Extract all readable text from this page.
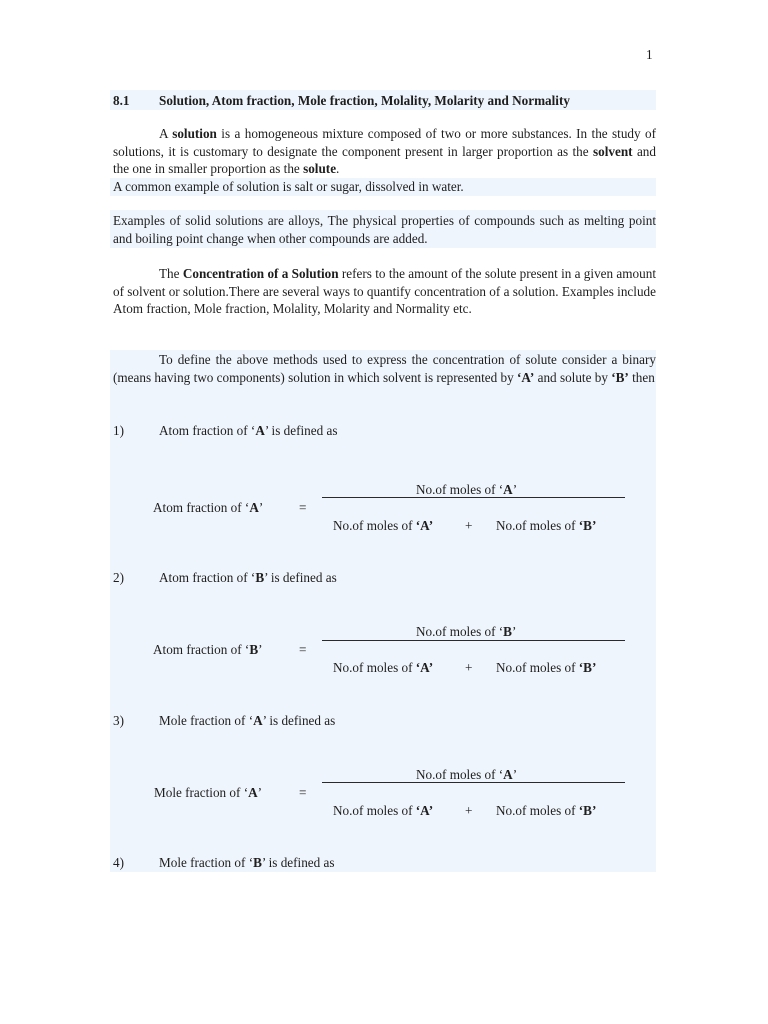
1
8.1 Solution, Atom fraction, Mole fraction, Molality, Molarity and Normality
A solution is a homogeneous mixture composed of two or more substances. In the study of solutions, it is customary to designate the component present in larger proportion as the solvent and the one in smaller proportion as the solute.
A common example of solution is salt or sugar, dissolved in water.
Examples of solid solutions are alloys, The physical properties of compounds such as melting point and boiling point change when other compounds are added.
The Concentration of a Solution refers to the amount of the solute present in a given amount of solvent or solution.There are several ways to quantify concentration of a solution. Examples include Atom fraction, Mole fraction, Molality, Molarity and Normality etc.
To define the above methods used to express the concentration of solute consider a binary (means having two components) solution in which solvent is represented by ‘A’ and solute by ‘B’ then
1)	Atom fraction of ‘A’ is defined as
No.of moles of ‘A’
Atom fraction of ‘A’	=
No.of moles of ‘A’ + No.of moles of ‘B’
2)	Atom fraction of ‘B’ is defined as
No.of moles of ‘B’
Atom fraction of ‘B’	=
No.of moles of ‘A’ + No.of moles of ‘B’
3)	Mole fraction of ‘A’ is defined as
No.of moles of ‘A’
Mole fraction of ‘A’	=
No.of moles of ‘A’ + No.of moles of ‘B’
4)	Mole fraction of ‘B’ is defined as
